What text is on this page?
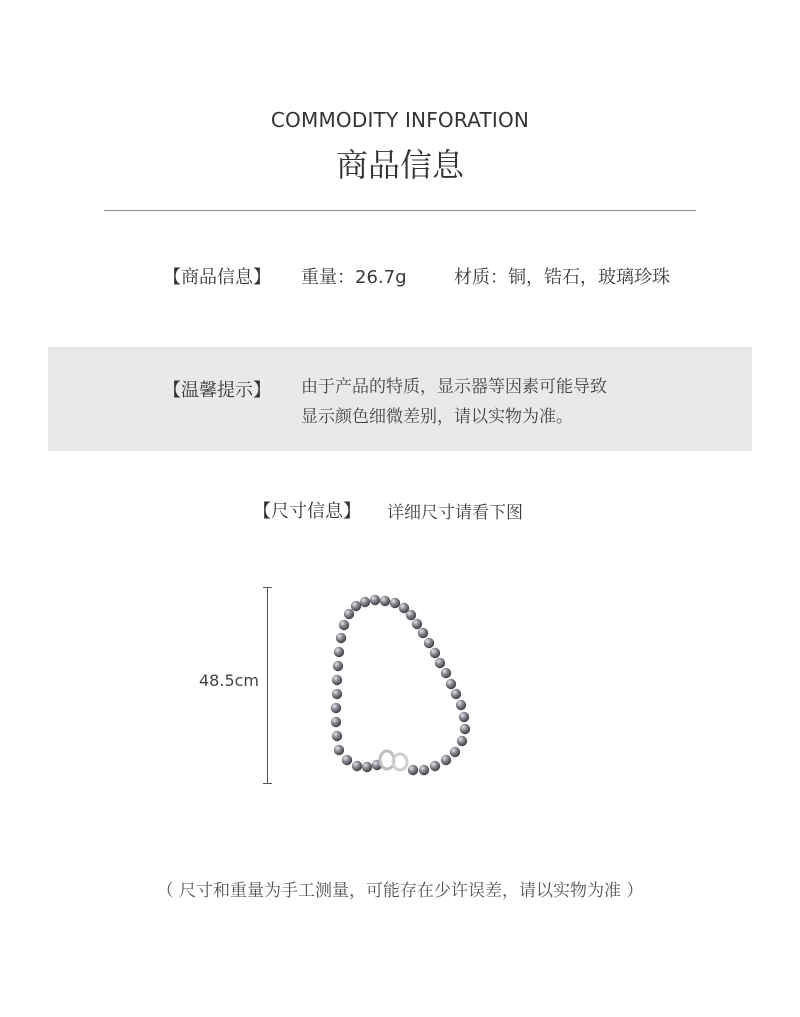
COMMODITY INFORATION
商品信息
【商品信息】 重量：26.7g	材质：铜，锆石，玻璃珍珠
【温馨提示】 由于产品的特质，显示器等因素可能导致
显示颜色细微差别，请以实物为准。
【尺寸信息】 详细尺寸请看下图
48.5cm
（ 尺寸和重量为手工测量，可能存在少许误差，请以实物为准 ）
